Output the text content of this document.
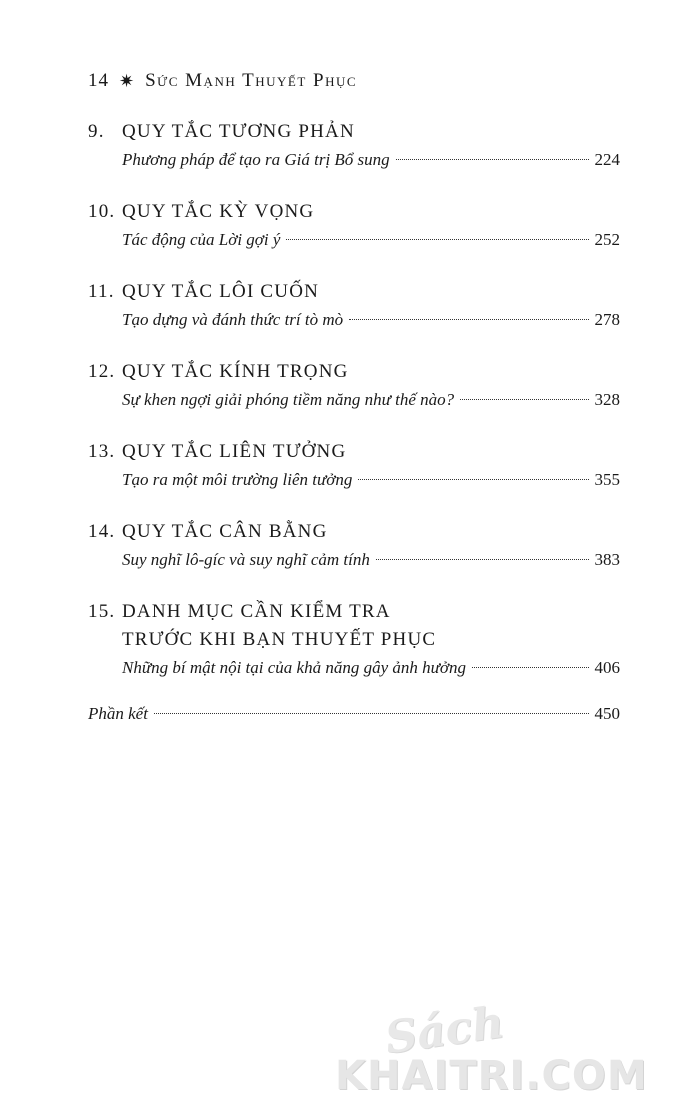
14 ✷ Sức Mạnh Thuyết Phục
9. QUY TẮC TƯƠNG PHẢN
Phương pháp để tạo ra Giá trị Bổ sung	224
10. QUY TẮC KỲ VỌNG
Tác động của Lời gợi ý	252
11. QUY TẮC LÔI CUỐN
Tạo dựng và đánh thức trí tò mò	278
12. QUY TẮC KÍNH TRỌNG
Sự khen ngợi giải phóng tiềm năng như thế nào?	328
13. QUY TẮC LIÊN TƯỞNG
Tạo ra một môi trường liên tưởng	355
14. QUY TẮC CÂN BẰNG
Suy nghĩ lô-gíc và suy nghĩ cảm tính	383
15. DANH MỤC CẦN KIỂM TRA
TRƯỚC KHI BẠN THUYẾT PHỤC
Những bí mật nội tại của khả năng gây ảnh hưởng	406
Phần kết	450
Sách
KHAITRI.COM
